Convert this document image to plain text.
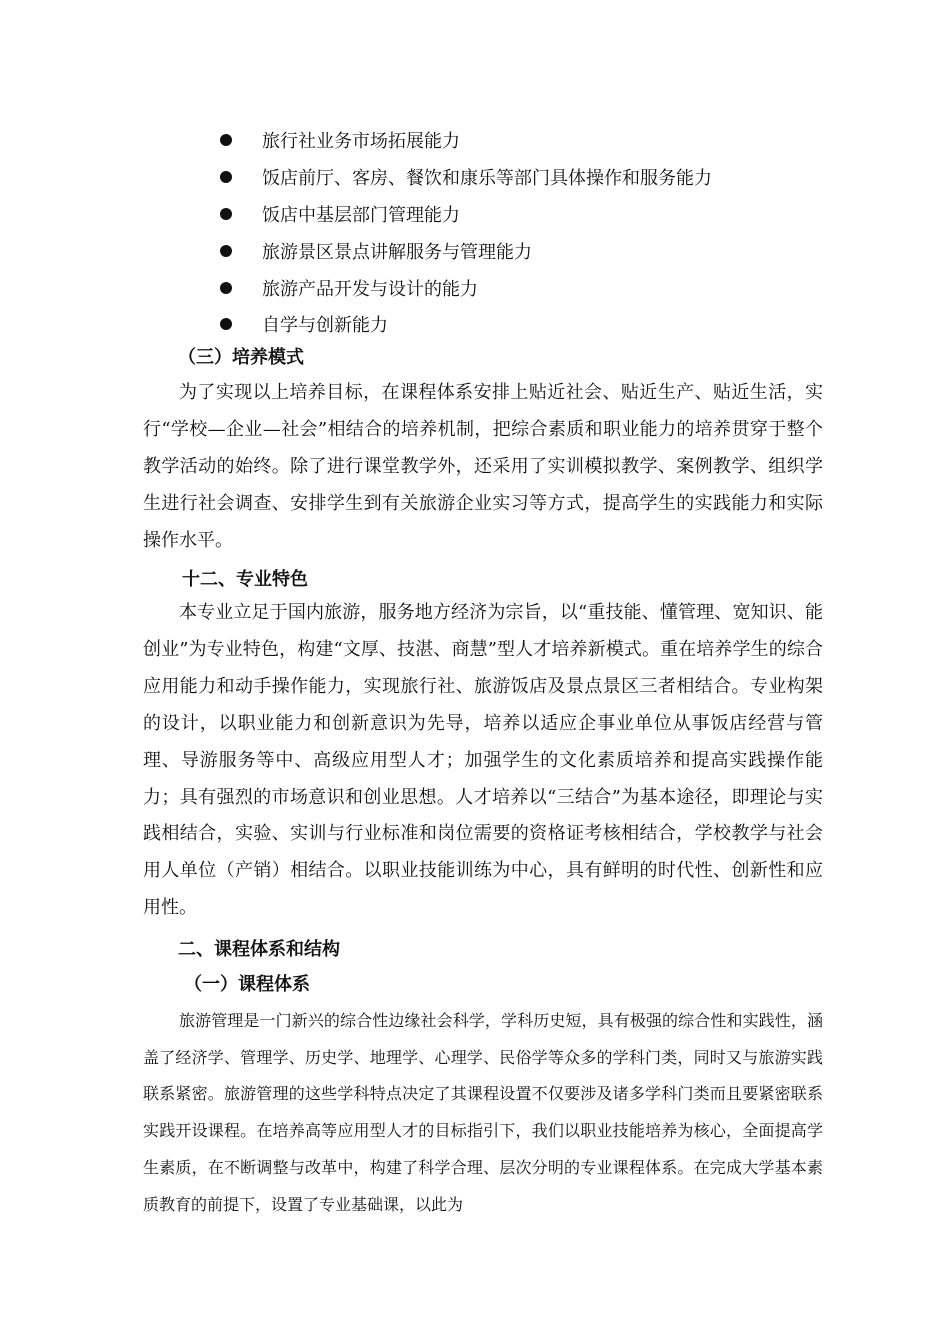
旅行社业务市场拓展能力
饭店前厅、客房、餐饮和康乐等部门具体操作和服务能力
饭店中基层部门管理能力
旅游景区景点讲解服务与管理能力
旅游产品开发与设计的能力
自学与创新能力
（三）培养模式
为了实现以上培养目标，在课程体系安排上贴近社会、贴近生产、贴近生活，实行“学校—企业—社会”相结合的培养机制，把综合素质和职业能力的培养贯穿于整个教学活动的始终。除了进行课堂教学外，还采用了实训模拟教学、案例教学、组织学生进行社会调查、安排学生到有关旅游企业实习等方式，提高学生的实践能力和实际操作水平。
十二、专业特色
本专业立足于国内旅游，服务地方经济为宗旨，以“重技能、懂管理、宽知识、能创业”为专业特色，构建“文厚、技湛、商慧”型人才培养新模式。重在培养学生的综合应用能力和动手操作能力，实现旅行社、旅游饭店及景点景区三者相结合。专业构架的设计，以职业能力和创新意识为先导，培养以适应企事业单位从事饭店经营与管理、导游服务等中、高级应用型人才；加强学生的文化素质培养和提高实践操作能力；具有强烈的市场意识和创业思想。人才培养以“三结合”为基本途径，即理论与实践相结合，实验、实训与行业标准和岗位需要的资格证考核相结合，学校教学与社会用人单位（产销）相结合。以职业技能训练为中心，具有鲜明的时代性、创新性和应用性。
二、课程体系和结构
（一）课程体系
旅游管理是一门新兴的综合性边缘社会科学，学科历史短，具有极强的综合性和实践性，涵盖了经济学、管理学、历史学、地理学、心理学、民俗学等众多的学科门类，同时又与旅游实践联系紧密。旅游管理的这些学科特点决定了其课程设置不仅要涉及诸多学科门类而且要紧密联系实践开设课程。在培养高等应用型人才的目标指引下，我们以职业技能培养为核心，全面提高学生素质，在不断调整与改革中，构建了科学合理、层次分明的专业课程体系。在完成大学基本素质教育的前提下，设置了专业基础课，以此为
